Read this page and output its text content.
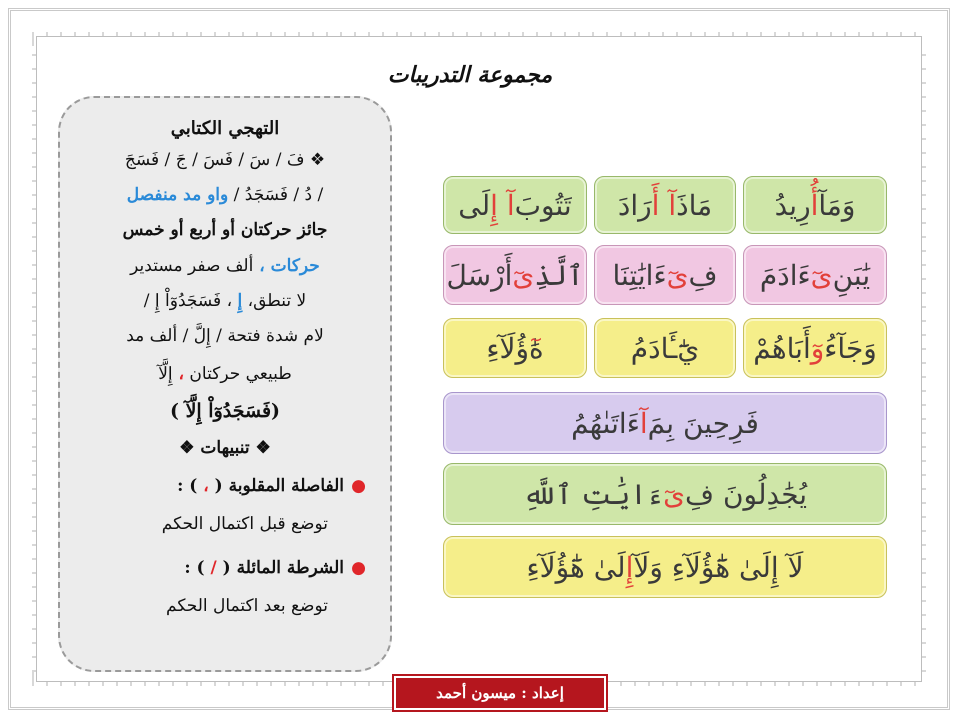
مجموعة التدريبات
التهجي الكتابي
❖ فَ / سَ / فَسَ / جَ / فَسَجَ
/ دُ / فَسَجَدُ / واو مد منفصل
جائز حركتان أو أربع أو خمس
حركات ، ألف صفر مستدير
لا تنطق، إِ ، فَسَجَدُوٓاْ إِ /
لام شدة فتحة / إِلَّ / ألف مد
طبيعي حركتان ، إِلَّآ
(فَسَجَدُوٓاْ إِلَّآ )
❖ تنبيهات ❖
●
الفاصلة المقلوبة ( ، ) :
توضع قبل اكتمال الحكم
●
الشرطة المائلة ( / ) :
توضع بعد اكتمال الحكم
وَمَآ
أُ
رِيدُ
مَاذَ
آ أَ
رَادَ
تَتُوبَ
آ إِ
لَى
يَٰبَنِ
ىٓ
ءَادَمَ
فِ
ىٓ
ءَايَٰتِنَا
ٱلَّذِ
ىٓ
أَرْسَلَ
وَجَآءُ
وٓ
أَبَاهُمْ
يَٰٓ
ـَٔادَمُ
هَٰ
ؤُلَآءِ
فَرِحِينَ بِمَ
آ
ءَاتَىٰهُمُ
يُجَٰدِلُونَ فِ
ىٓ
ءَايَٰتِ ٱللَّهِ
لَآ إِلَىٰ هَٰٓؤُلَآءِ وَلَآ
إِ
لَىٰ هَٰٓؤُلَآءِ
إعداد : ميسون أحمد
